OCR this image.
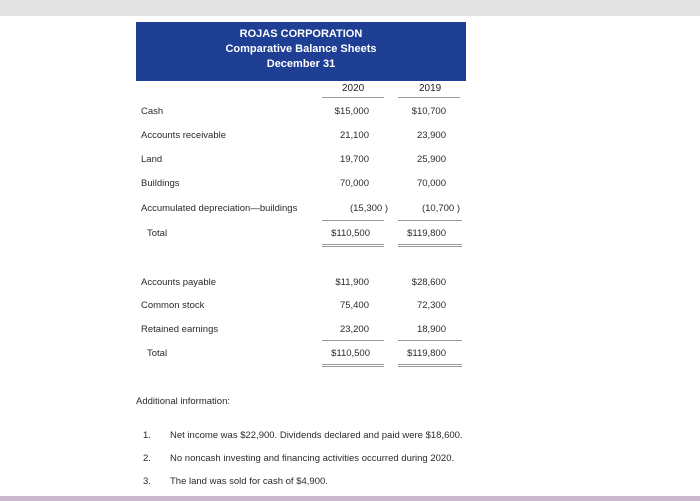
ROJAS CORPORATION
Comparative Balance Sheets
December 31
2020	2019
Cash	$15,000	$10,700
Accounts receivable	21,100	23,900
Land	19,700	25,900
Buildings	70,000	70,000
Accumulated depreciation—buildings	(15,300 )	(10,700 )
Total	$110,500	$119,800
Accounts payable	$11,900	$28,600
Common stock	75,400	72,300
Retained earnings	23,200	18,900
Total	$110,500	$119,800
Additional information:
1. Net income was $22,900. Dividends declared and paid were $18,600.
2. No noncash investing and financing activities occurred during 2020.
3. The land was sold for cash of $4,900.
